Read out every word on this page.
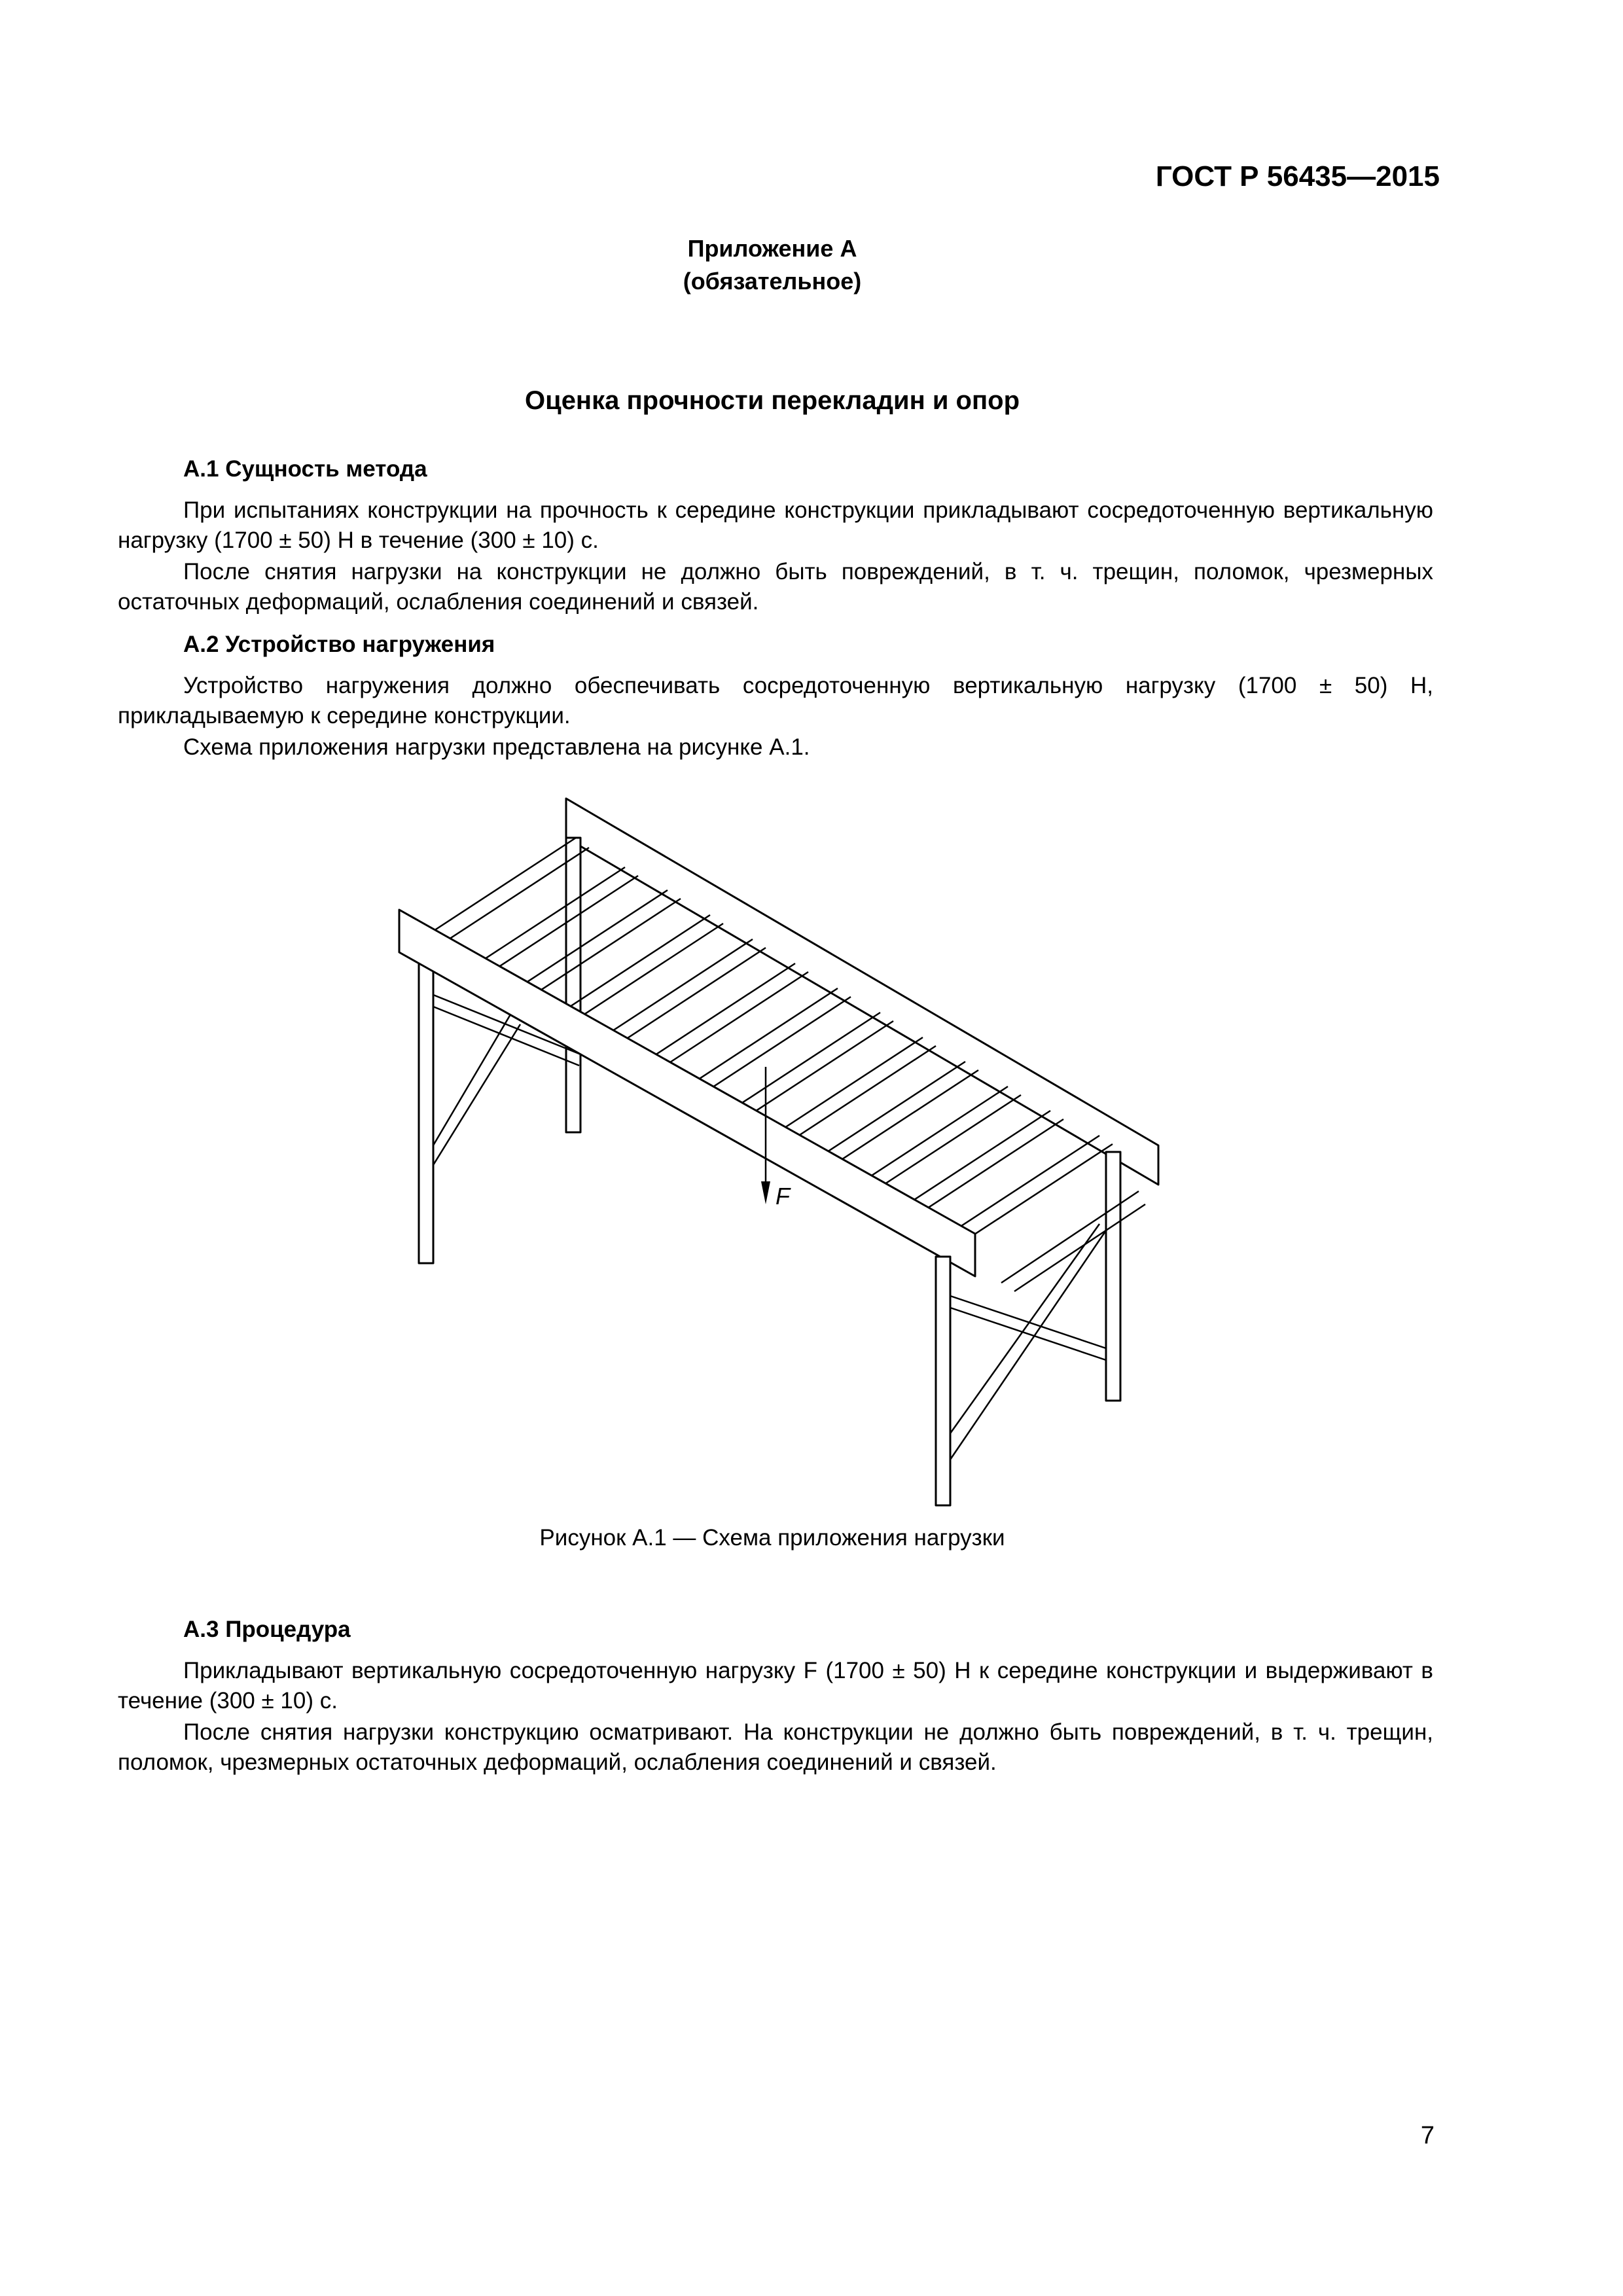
ГОСТ Р 56435—2015
Приложение А
(обязательное)
Оценка прочности перекладин и опор
А.1 Сущность метода
При испытаниях конструкции на прочность к середине конструкции прикладывают сосредоточенную вертикальную нагрузку (1700 ± 50) Н в течение (300 ± 10) с.
После снятия нагрузки на конструкции не должно быть повреждений, в т. ч. трещин, поломок, чрезмерных остаточных деформаций, ослабления соединений и связей.
А.2 Устройство нагружения
Устройство нагружения должно обеспечивать сосредоточенную вертикальную нагрузку (1700 ± 50) Н, прикладываемую к середине конструкции.
Схема приложения нагрузки представлена на рисунке А.1.
F
Рисунок А.1 — Схема приложения нагрузки
А.3 Процедура
Прикладывают вертикальную сосредоточенную нагрузку F (1700 ± 50) Н к середине конструкции и выдерживают в течение (300 ± 10) с.
После снятия нагрузки конструкцию осматривают. На конструкции не должно быть повреждений, в т. ч. трещин, поломок, чрезмерных остаточных деформаций, ослабления соединений и связей.
7
